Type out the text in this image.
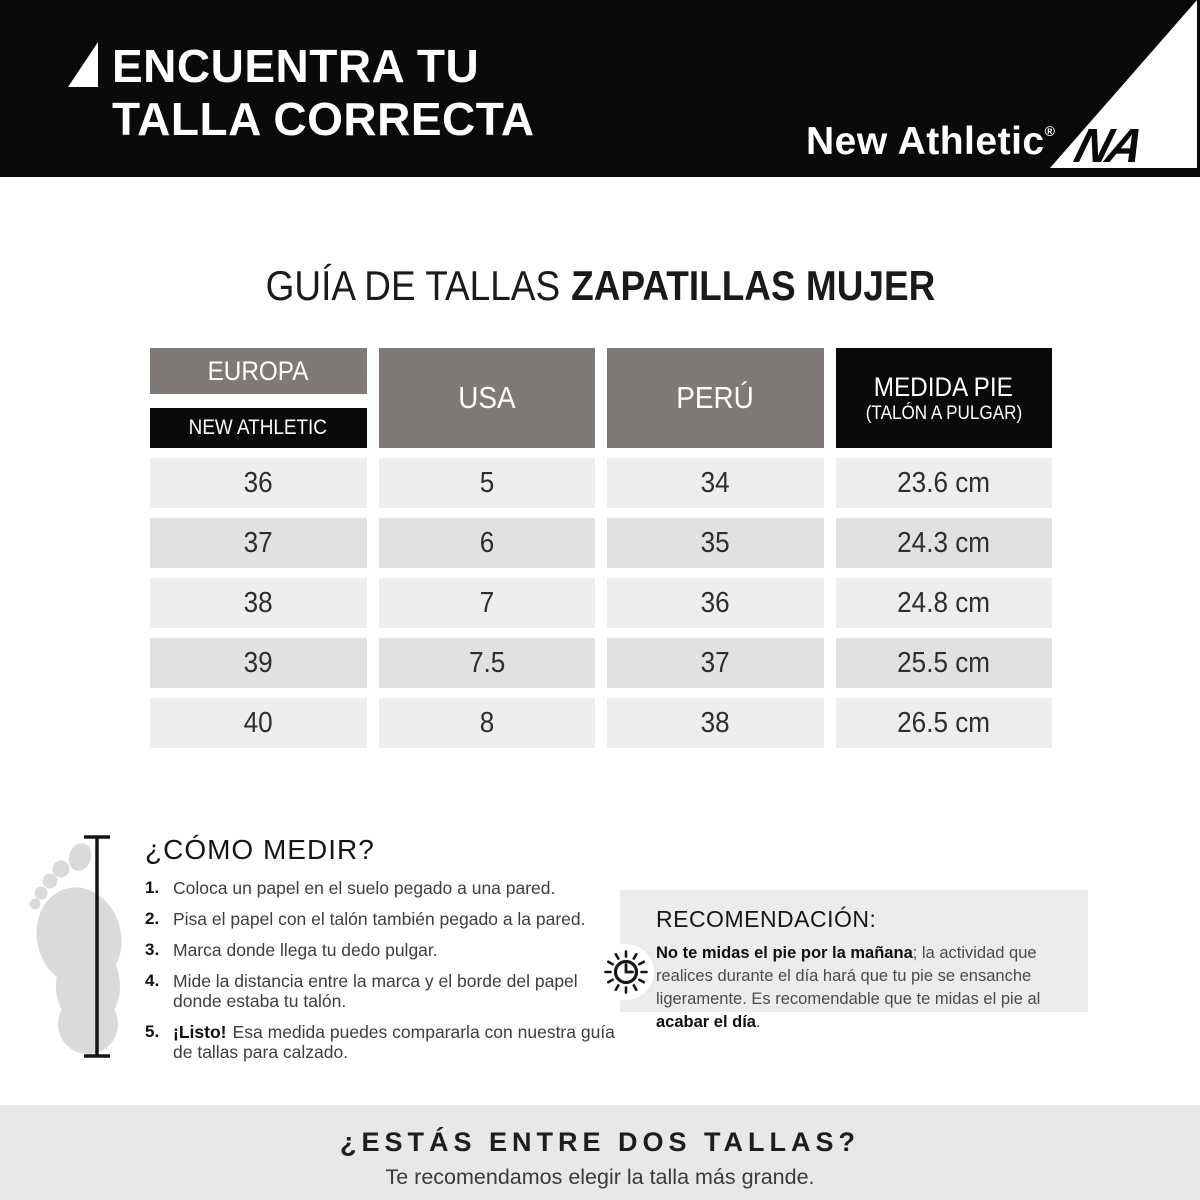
ENCUENTRA TU
TALLA CORRECTA	New Athletic® NA
GUÍA DE TALLAS ZAPATILLAS MUJER
EUROPA
NEW ATHLETIC
USA	PERÚ	MEDIDA PIE
(TALÓN A PULGAR)
36	5	34	23.6 cm
37	6	35	24.3 cm
38	7	36	24.8 cm
39	7.5	37	25.5 cm
40	8	38	26.5 cm
¿CÓMO MEDIR?
1. Coloca un papel en el suelo pegado a una pared.
2. Pisa el papel con el talón también pegado a la pared.
3. Marca donde llega tu dedo pulgar.
4. Mide la distancia entre la marca y el borde del papel donde estaba tu talón.
5. ¡Listo! Esa medida puedes compararla con nuestra guía de tallas para calzado.
RECOMENDACIÓN:
No te midas el pie por la mañana; la actividad que realices durante el día hará que tu pie se ensanche ligeramente. Es recomendable que te midas el pie al acabar el día.
¿ESTÁS ENTRE DOS TALLAS?
Te recomendamos elegir la talla más grande.
